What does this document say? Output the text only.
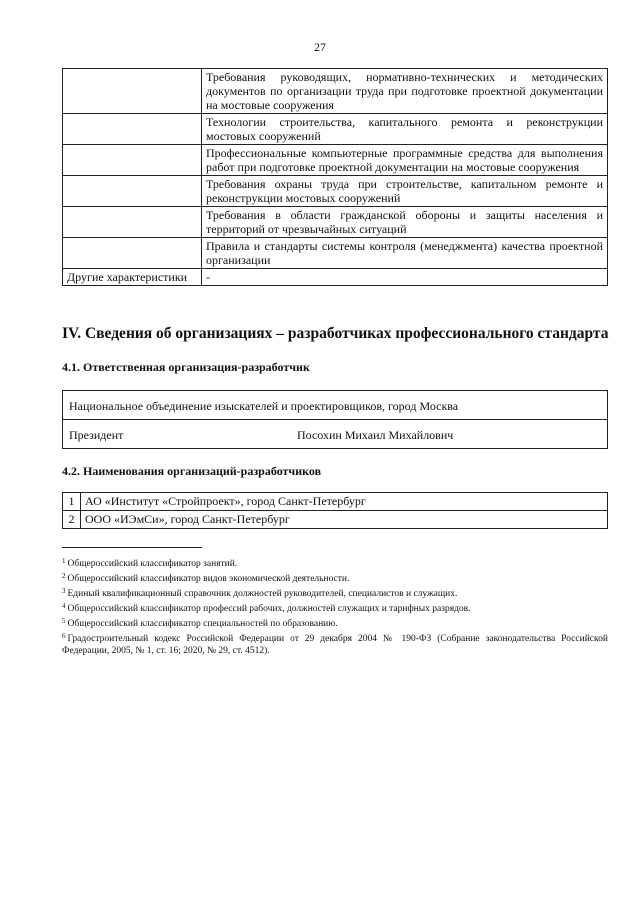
27
	Требования руководящих, нормативно-технических и методических документов по организации труда при подготовке проектной документации на мостовые сооружения
	Технологии строительства, капитального ремонта и реконструкции мостовых сооружений
	Профессиональные компьютерные программные средства для выполнения работ при подготовке проектной документации на мостовые сооружения
	Требования охраны труда при строительстве, капитальном ремонте и реконструкции мостовых сооружений
	Требования в области гражданской обороны и защиты населения и территорий от чрезвычайных ситуаций
	Правила и стандарты системы контроля (менеджмента) качества проектной организации
Другие характеристики	-
IV. Сведения об организациях – разработчиках профессионального стандарта
4.1. Ответственная организация-разработчик
Национальное объединение изыскателей и проектировщиков, город Москва
Президент	Посохин Михаил Михайлович
4.2. Наименования организаций-разработчиков
1	АО «Институт «Стройпроект», город Санкт-Петербург
2	ООО «ИЭмСи», город Санкт-Петербург
$^1$ Общероссийский классификатор занятий.
$^2$ Общероссийский классификатор видов экономической деятельности.
$^3$ Единый квалификационный справочник должностей руководителей, специалистов и служащих.
$^4$ Общероссийский классификатор профессий рабочих, должностей служащих и тарифных разрядов.
$^5$ Общероссийский классификатор специальностей по образованию.
$^6$ Градостроительный кодекс Российской Федерации от 29 декабря 2004 № 190-ФЗ (Собрание законодательства Российской Федерации, 2005, № 1, ст. 16; 2020, № 29, ст. 4512).
